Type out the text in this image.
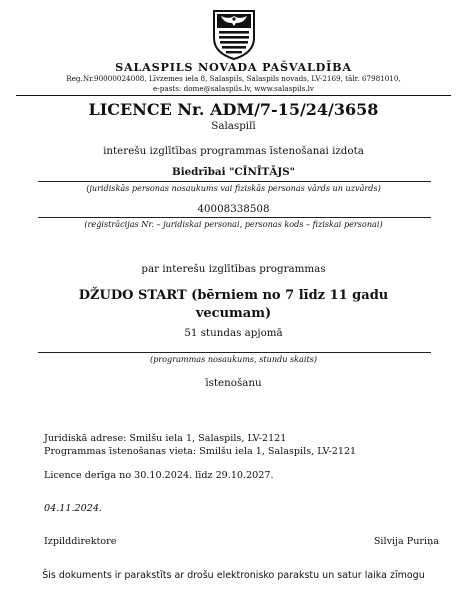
SALASPILS NOVADA PAŠVALDĪBA
Reg.Nr.90000024008, Līvzemes iela 8, Salaspils, Salaspils novads, LV-2169, tālr. 67981010,
e-pasts: dome@salaspils.lv, www.salaspils.lv
LICENCE Nr. ADM/7-15/24/3658
Salaspilī
interešu izglītības programmas īstenošanai izdota
Biedrībai "CĪNĪTĀJS"
(juridiskās personas nosaukums vai fiziskās personas vārds un uzvārds)
40008338508
(reģistrācijas Nr. – juridiskai personai, personas kods – fiziskai personai)
par interešu izglītības programmas
DŽUDO START (bērniem no 7 līdz 11 gadu
vecumam)
51 stundas apjomā
(programmas nosaukums, stundu skaits)
īstenošanu
Juridiskā adrese: Smilšu iela 1, Salaspils, LV-2121
Programmas īstenošanas vieta: Smilšu iela 1, Salaspils, LV-2121
Licence derīga no 30.10.2024. līdz 29.10.2027.
04.11.2024.
Izpilddirektore	Silvija Puriņa
Šis dokuments ir parakstīts ar drošu elektronisko parakstu un satur laika zīmogu
